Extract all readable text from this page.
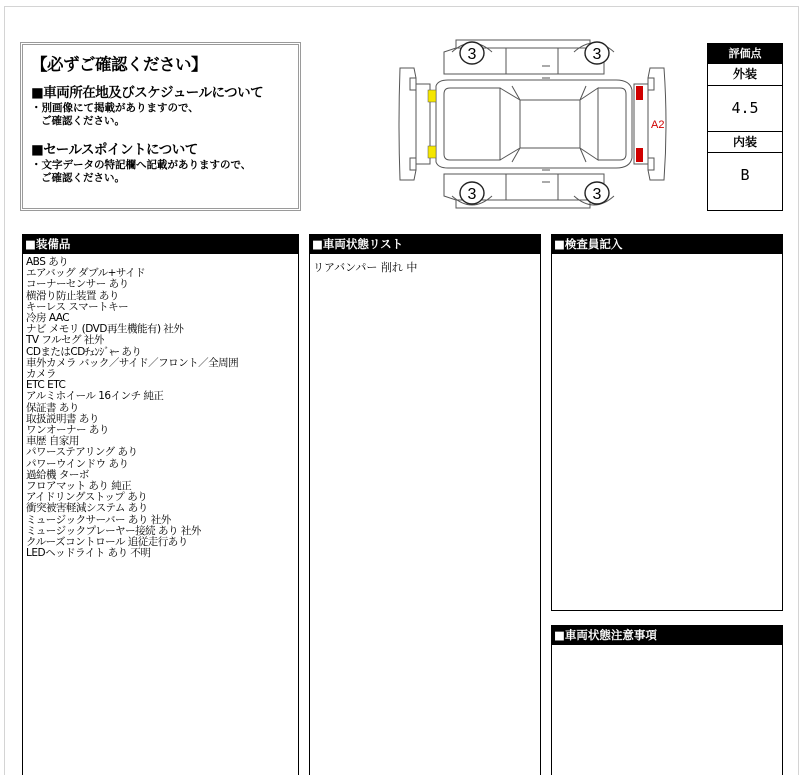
【必ずご確認ください】
■車両所在地及びスケジュールについて
・別画像にて掲載がありますので、
ご確認ください。
■セールスポイントについて
・文字データの特記欄へ記載がありますので、
ご確認ください。
A2
3	3
3	3
評価点
外装
4.5
内装
B
■装備品
ABS あり
エアバッグ ダブル+サイド
コーナーセンサー あり
横滑り防止装置 あり
キーレス スマートキー
冷房 AAC
ナビ メモリ (DVD再生機能有) 社外
TV フルセグ 社外
CDまたはCDﾁｪﾝｼﾞｬｰ あり
車外カメラ バック／サイド／フロント／全周囲
カメラ
ETC ETC
アルミホイール 16インチ 純正
保証書 あり
取扱説明書 あり
ワンオーナー あり
車歴 自家用
パワーステアリング あり
パワーウインドウ あり
過給機 ターボ
フロアマット あり 純正
アイドリングストップ あり
衝突被害軽減システム あり
ミュージックサーバー あり 社外
ミュージックプレーヤー接続 あり 社外
クルーズコントロール 追従走行あり
LEDヘッドライト あり 不明
■車両状態リスト
リアバンパー 削れ 中
■検査員記入
■車両状態注意事項
